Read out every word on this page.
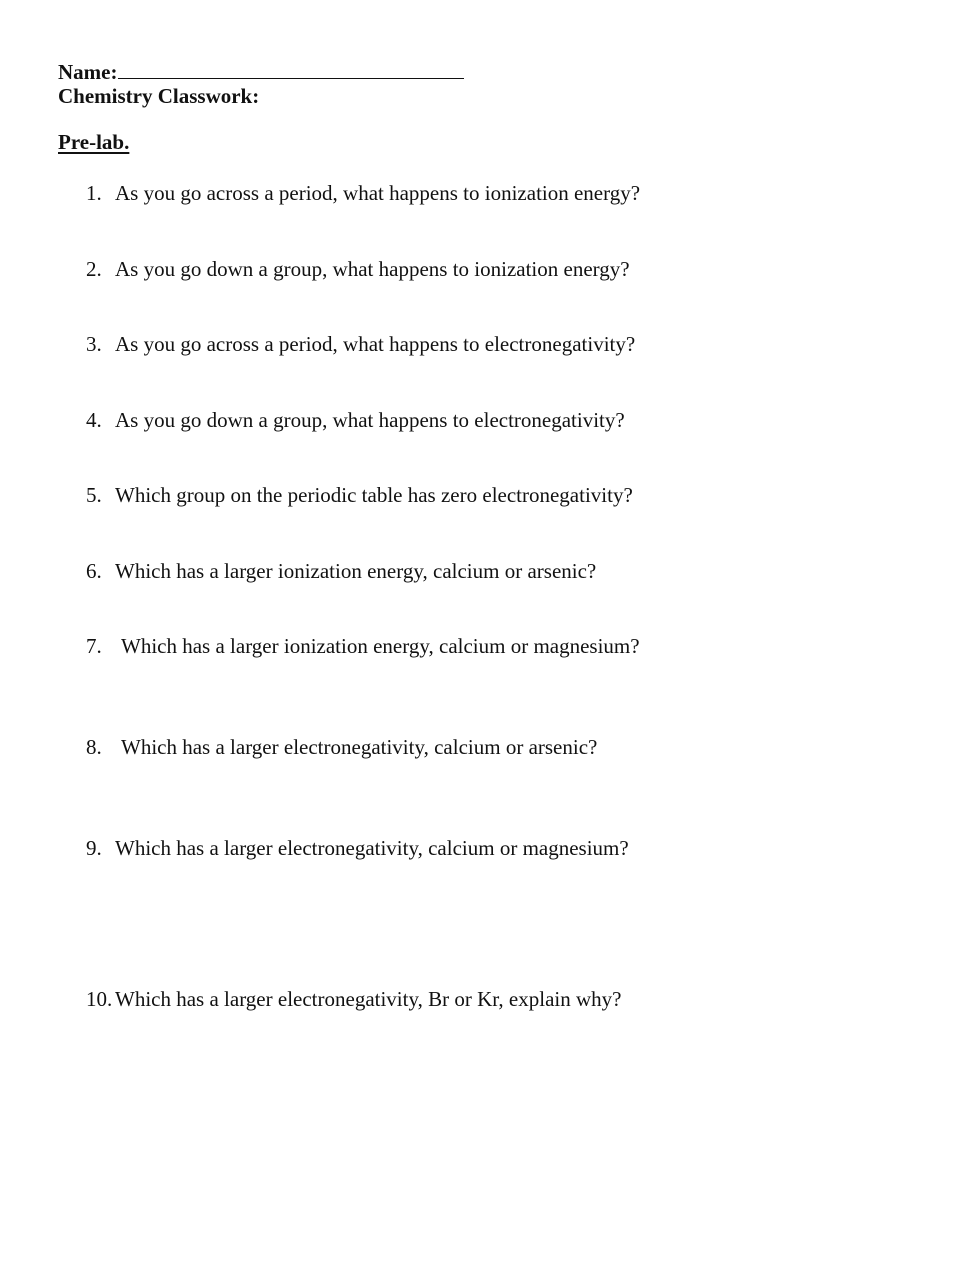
Name:
Chemistry Classwork:
Pre-lab.
1. As you go across a period, what happens to ionization energy?
2. As you go down a group, what happens to ionization energy?
3. As you go across a period, what happens to electronegativity?
4. As you go down a group, what happens to electronegativity?
5. Which group on the periodic table has zero electronegativity?
6. Which has a larger ionization energy, calcium or arsenic?
7. Which has a larger ionization energy, calcium or magnesium?
8. Which has a larger electronegativity, calcium or arsenic?
9. Which has a larger electronegativity, calcium or magnesium?
10. Which has a larger electronegativity, Br or Kr, explain why?
